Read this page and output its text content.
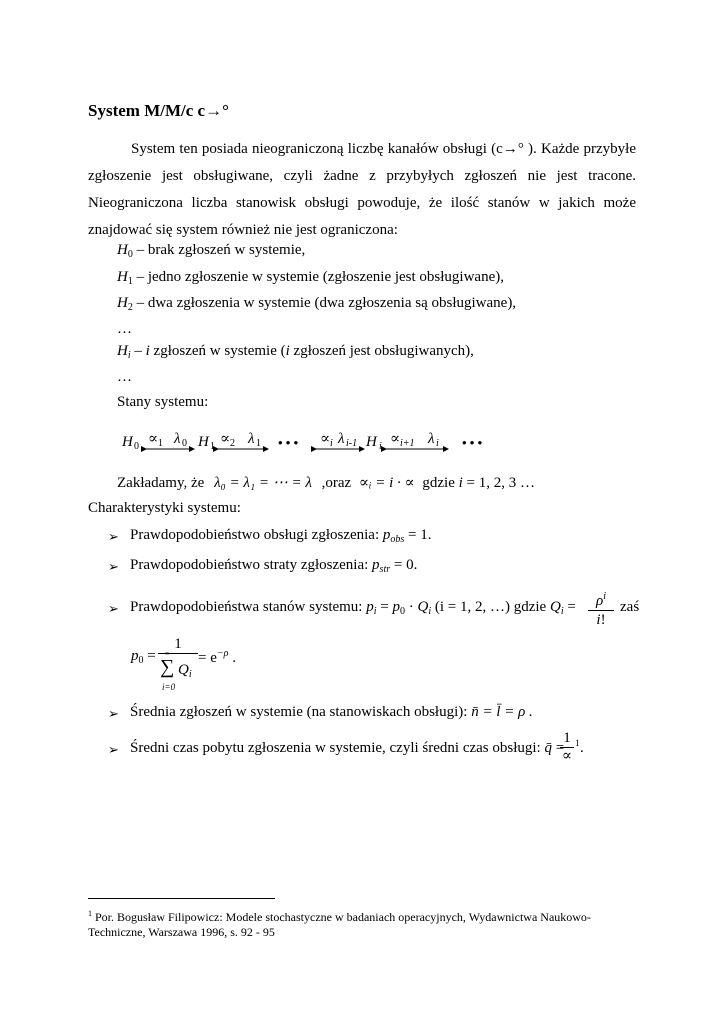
System M/M/c c→°
System ten posiada nieograniczoną liczbę kanałów obsługi (c→° ). Każde przybyłe
zgłoszenie jest obsługiwane, czyli żadne z przybyłych zgłoszeń nie jest tracone.
Nieograniczona liczba stanowisk obsługi powoduje, że ilość stanów w jakich może
znajdować się system również nie jest ograniczona:
$H_0$ – brak zgłoszeń w systemie,
$H_1$ – jedno zgłoszenie w systemie (zgłoszenie jest obsługiwane),
$H_2$ – dwa zgłoszenia w systemie (dwa zgłoszenia są obsługiwane),
…
$H_i$ – i zgłoszeń w systemie (i zgłoszeń jest obsługiwanych),
…
Stany systemu:
H 0	H 1	H i
∝ 1 λ 0 ∝ 2 λ 1	∝ i λ i-1 ∝ i+1 λ i
• • •	• • •
Zakładamy, że λ₀ = λ₁ = ⋯ = λ ,oraz ∝ᵢ = i · ∝ gdzie i = 1, 2, 3 …
Charakterystyki systemu:
➢ Prawdopodobieństwo obsługi zgłoszenia: $p_{obs} = 1$.
➢ Prawdopodobieństwo straty zgłoszenia: $p_{str} = 0$.
➢ Prawdopodobieństwa stanów systemu: $p_i = p_0 \cdot Q_i$ (i = 1, 2, …) gdzie $Q_i$ =	$\rho^i$
i!
zaś
$p_0$ =
1
∞
∑ $Q_i$
i=0
= $e^{-\rho}$ .
➢ Średnia zgłoszeń w systemie (na stanowiskach obsługi): n̄ = l̄ = ρ .
➢ Średni czas pobytu zgłoszenia w systemie, czyli średni czas obsługi: q̄ =
1
∝
1 .
$^1$ Por. Bogusław Filipowicz: Modele stochastyczne w badaniach operacyjnych, Wydawnictwa Naukowo-
Techniczne, Warszawa 1996, s. 92 - 95
